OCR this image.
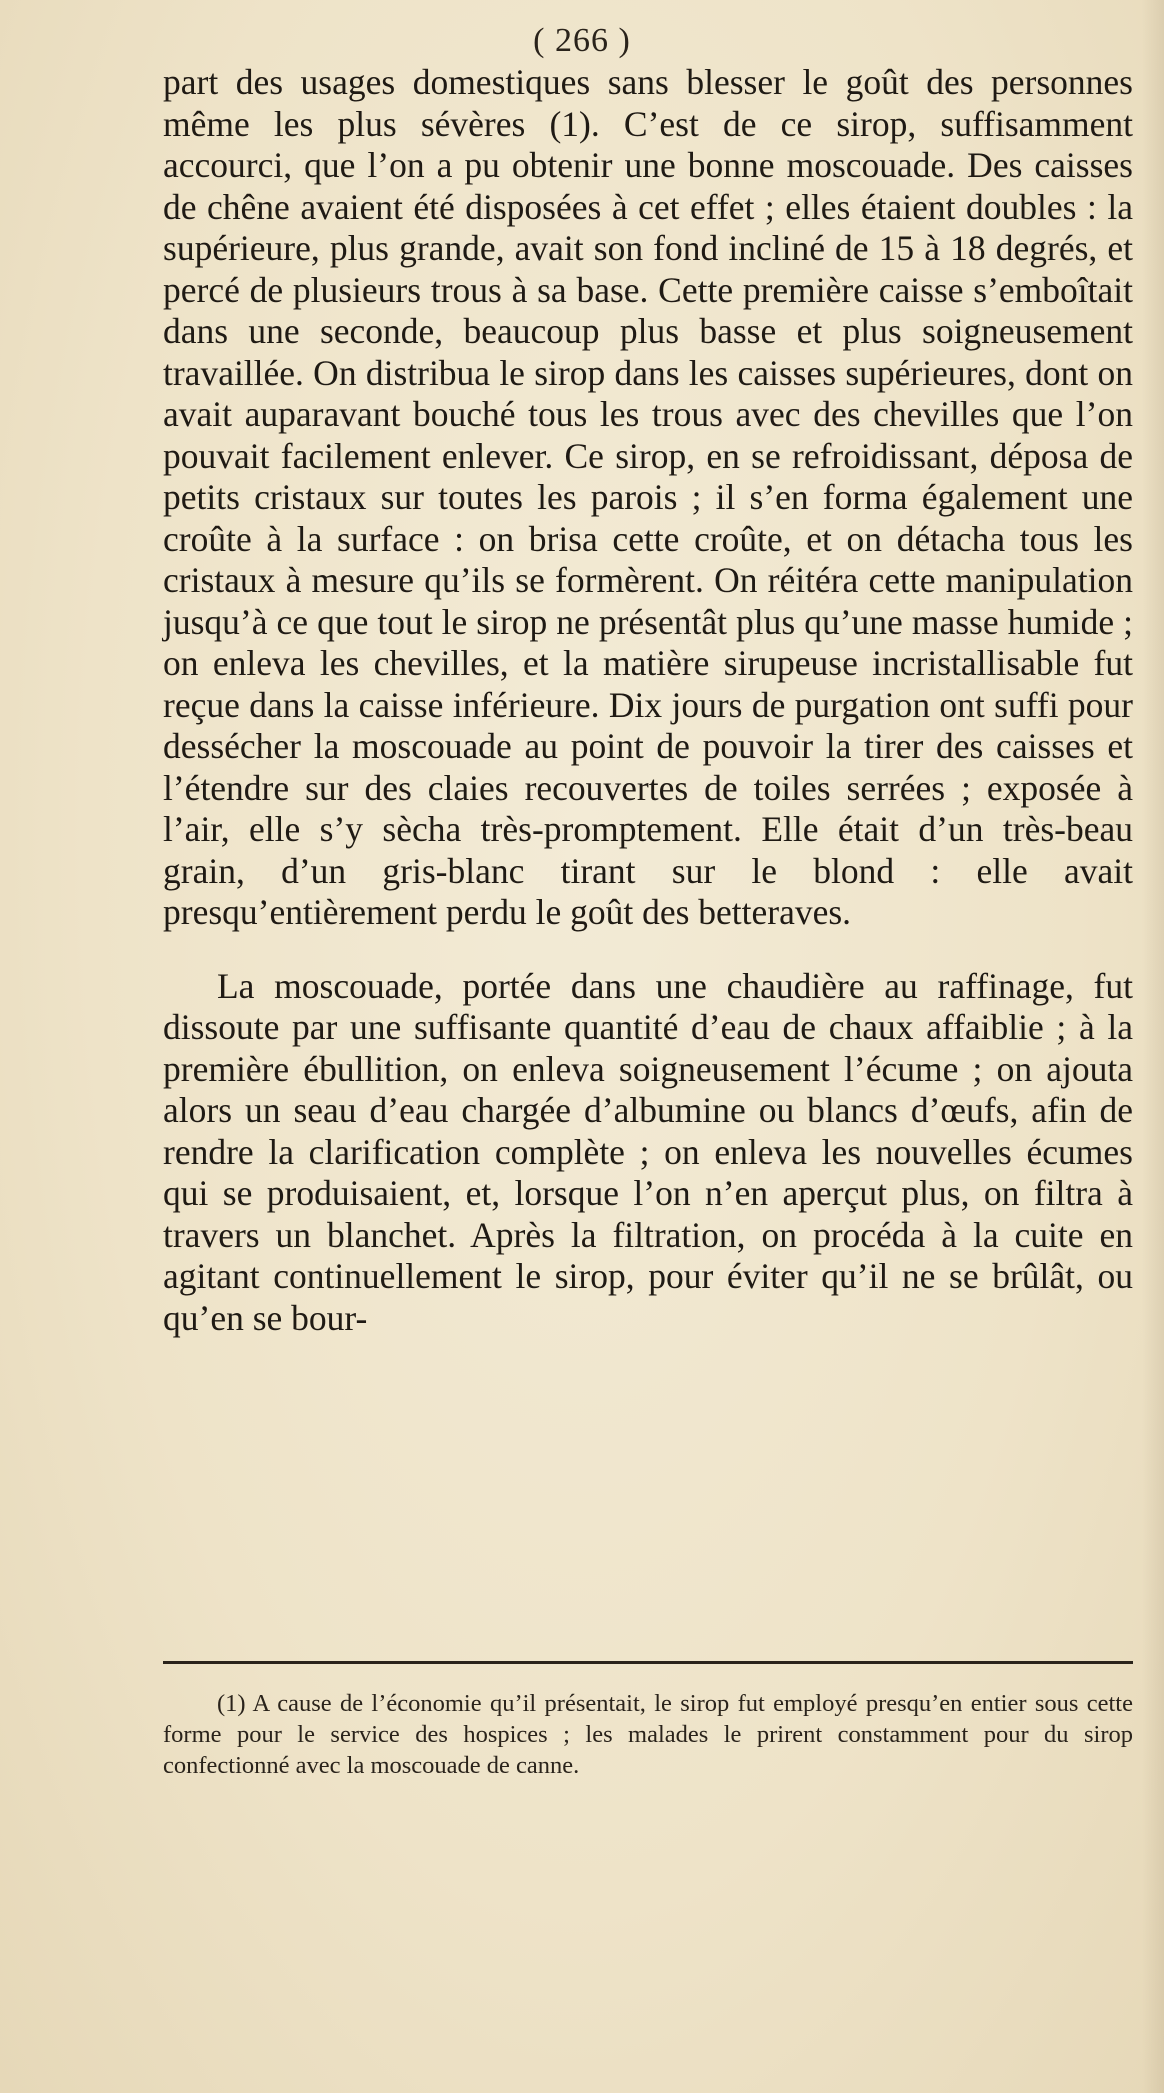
( 266 )

part des usages domestiques sans blesser le goût des personnes même les plus sévères (1). C’est de ce sirop, suffisamment accourci, que l’on a pu obtenir une bonne moscouade. Des caisses de chêne avaient été disposées à cet effet ; elles étaient doubles : la supérieure, plus grande, avait son fond incliné de 15 à 18 degrés, et percé de plusieurs trous à sa base. Cette première caisse s’emboîtait dans une seconde, beaucoup plus basse et plus soigneusement travaillée. On distribua le sirop dans les caisses supérieures, dont on avait auparavant bouché tous les trous avec des chevilles que l’on pouvait facilement enlever. Ce sirop, en se refroidissant, déposa de petits cristaux sur toutes les parois ; il s’en forma également une croûte à la surface : on brisa cette croûte, et on détacha tous les cristaux à mesure qu’ils se formèrent. On réitéra cette manipulation jusqu’à ce que tout le sirop ne présentât plus qu’une masse humide ; on enleva les chevilles, et la matière sirupeuse incristallisable fut reçue dans la caisse inférieure. Dix jours de purgation ont suffi pour dessécher la moscouade au point de pouvoir la tirer des caisses et l’étendre sur des claies recouvertes de toiles serrées ; exposée à l’air, elle s’y sècha très-promptement. Elle était d’un très-beau grain, d’un gris-blanc tirant sur le blond : elle avait presqu’entièrement perdu le goût des betteraves.

La moscouade, portée dans une chaudière au raffinage, fut dissoute par une suffisante quantité d’eau de chaux affaiblie ; à la première ébullition, on enleva soigneusement l’écume ; on ajouta alors un seau d’eau chargée d’albumine ou blancs d’œufs, afin de rendre la clarification complète ; on enleva les nouvelles écumes qui se produisaient, et, lorsque l’on n’en aperçut plus, on filtra à travers un blanchet. Après la filtration, on procéda à la cuite en agitant continuellement le sirop, pour éviter qu’il ne se brûlât, ou qu’en se bour-

(1) A cause de l’économie qu’il présentait, le sirop fut employé presqu’en entier sous cette forme pour le service des hospices ; les malades le prirent constamment pour du sirop confectionné avec la moscouade de canne.
